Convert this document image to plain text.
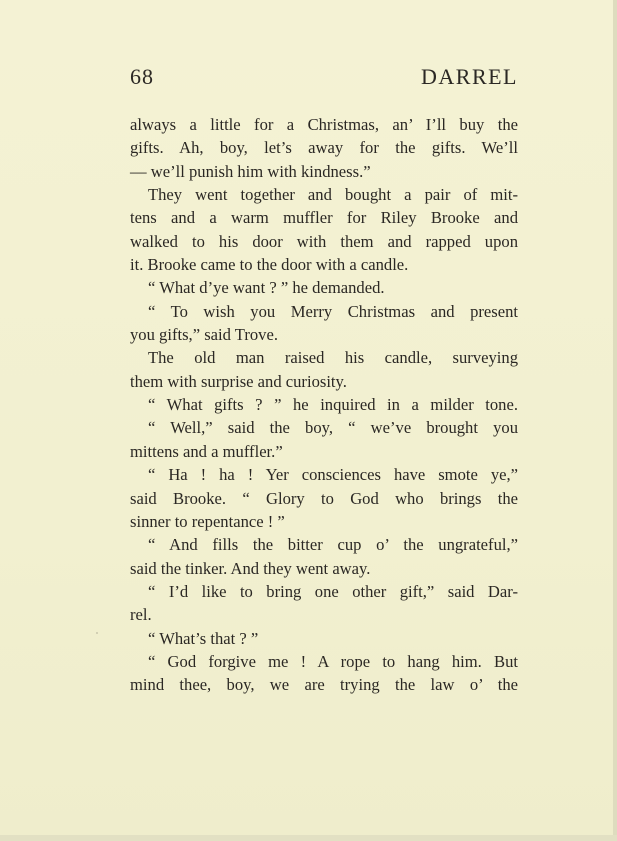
68	DARREL
always a little for a Christmas, an’ I’ll buy the
gifts. Ah, boy, let’s away for the gifts. We’ll
— we’ll punish him with kindness.”
They went together and bought a pair of mit-
tens and a warm muffler for Riley Brooke and
walked to his door with them and rapped upon
it. Brooke came to the door with a candle.
“ What d’ye want ? ” he demanded.
“ To wish you Merry Christmas and present
you gifts,” said Trove.
The old man raised his candle, surveying
them with surprise and curiosity.
“ What gifts ? ” he inquired in a milder tone.
“ Well,” said the boy, “ we’ve brought you
mittens and a muffler.”
“ Ha ! ha ! Yer consciences have smote ye,”
said Brooke. “ Glory to God who brings the
sinner to repentance ! ”
“ And fills the bitter cup o’ the ungrateful,”
said the tinker. And they went away.
“ I’d like to bring one other gift,” said Dar-
rel.
“ What’s that ? ”
“ God forgive me ! A rope to hang him. But
mind thee, boy, we are trying the law o’ the
